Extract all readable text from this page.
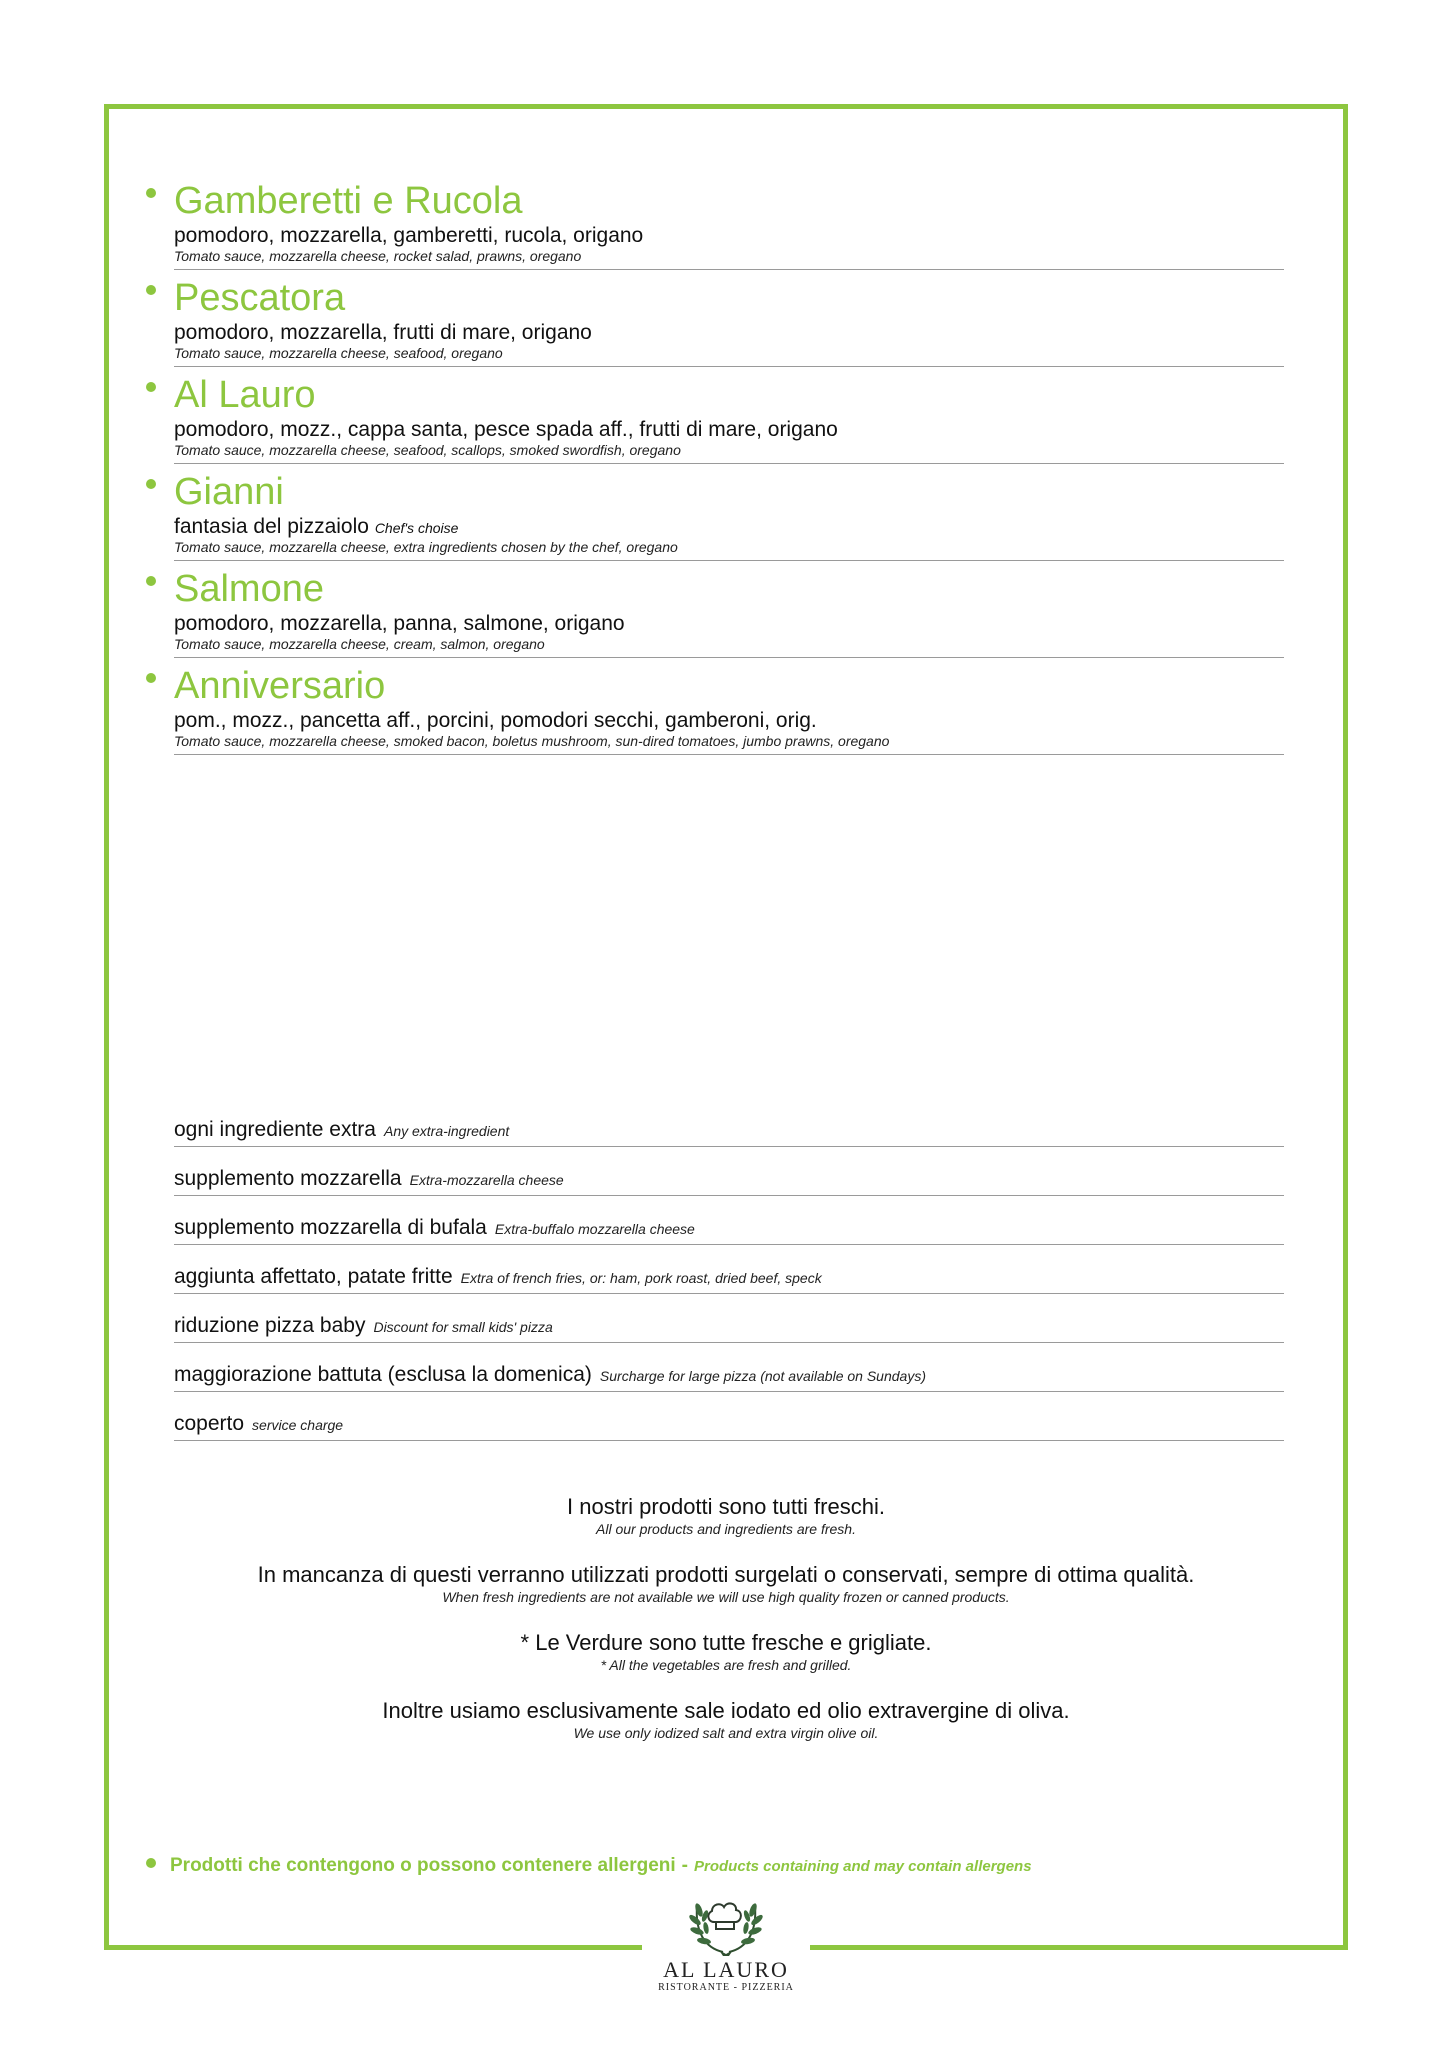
Gamberetti e Rucola
pomodoro, mozzarella, gamberetti, rucola, origano
Tomato sauce, mozzarella cheese, rocket salad, prawns, oregano
Pescatora
pomodoro, mozzarella, frutti di mare, origano
Tomato sauce, mozzarella cheese, seafood, oregano
Al Lauro
pomodoro, mozz., cappa santa, pesce spada aff., frutti di mare, origano
Tomato sauce, mozzarella cheese, seafood, scallops, smoked swordfish, oregano
Gianni
fantasia del pizzaiolo Chef's choise
Tomato sauce, mozzarella cheese, extra ingredients chosen by the chef, oregano
Salmone
pomodoro, mozzarella, panna, salmone, origano
Tomato sauce, mozzarella cheese, cream, salmon, oregano
Anniversario
pom., mozz., pancetta aff., porcini, pomodori secchi, gamberoni, orig.
Tomato sauce, mozzarella cheese, smoked bacon, boletus mushroom, sun-dired tomatoes, jumbo prawns, oregano
ogni ingrediente extra Any extra-ingredient
supplemento mozzarella Extra-mozzarella cheese
supplemento mozzarella di bufala Extra-buffalo mozzarella cheese
aggiunta affettato, patate fritte Extra of french fries, or: ham, pork roast, dried beef, speck
riduzione pizza baby Discount for small kids' pizza
maggiorazione battuta (esclusa la domenica) Surcharge for large pizza (not available on Sundays)
coperto service charge
I nostri prodotti sono tutti freschi.
All our products and ingredients are fresh.
In mancanza di questi verranno utilizzati prodotti surgelati o conservati, sempre di ottima qualità.
When fresh ingredients are not available we will use high quality frozen or canned products.
* Le Verdure sono tutte fresche e grigliate.
* All the vegetables are fresh and grilled.
Inoltre usiamo esclusivamente sale iodato ed olio extravergine di oliva.
We use only iodized salt and extra virgin olive oil.
Prodotti che contengono o possono contenere allergeni - Products containing and may contain allergens
AL LAURO
RISTORANTE - PIZZERIA
